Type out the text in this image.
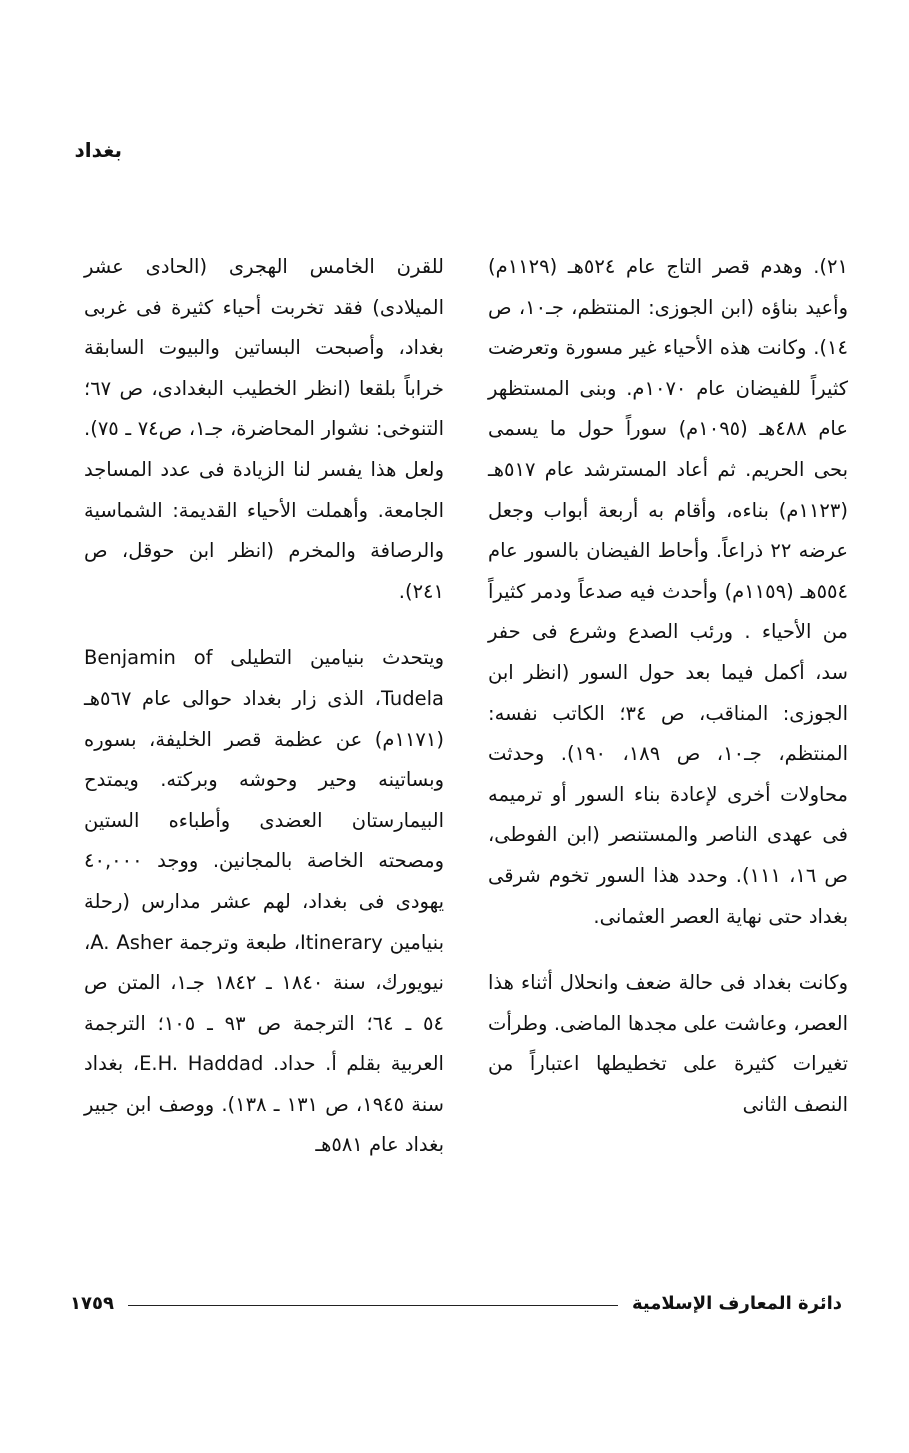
بغداد

٢١). وهدم قصر التاج عام ٥٢٤هـ (١١٢٩م) وأعيد بناؤه (ابن الجوزى: المنتظم، جـ١٠، ص ١٤). وكانت هذه الأحياء غير مسورة وتعرضت كثيراً للفيضان عام ١٠٧٠م. وبنى المستظهر عام ٤٨٨هـ (١٠٩٥م) سوراً حول ما يسمى بحى الحريم. ثم أعاد المسترشد عام ٥١٧هـ (١١٢٣م) بناءه، وأقام به أربعة أبواب وجعل عرضه ٢٢ ذراعاً. وأحاط الفيضان بالسور عام ٥٥٤هـ (١١٥٩م) وأحدث فيه صدعاً ودمر كثيراً من الأحياء . ورئب الصدع وشرع فى حفر سد، أكمل فيما بعد حول السور (انظر ابن الجوزى: المناقب، ص ٣٤؛ الكاتب نفسه: المنتظم، جـ١٠، ص ١٨٩، ١٩٠). وحدثت محاولات أخرى لإعادة بناء السور أو ترميمه فى عهدى الناصر والمستنصر (ابن الفوطى، ص ١٦، ١١١). وحدد هذا السور تخوم شرقى بغداد حتى نهاية العصر العثمانى.

وكانت بغداد فى حالة ضعف وانحلال أثناء هذا العصر، وعاشت على مجدها الماضى. وطرأت تغيرات كثيرة على تخطيطها اعتباراً من النصف الثانى

للقرن الخامس الهجرى (الحادى عشر الميلادى) فقد تخربت أحياء كثيرة فى غربى بغداد، وأصبحت البساتين والبيوت السابقة خراباً بلقعا (انظر الخطيب البغدادى، ص ٦٧؛ التنوخى: نشوار المحاضرة، جـ١، ص٧٤ ـ ٧٥). ولعل هذا يفسر لنا الزيادة فى عدد المساجد الجامعة. وأهملت الأحياء القديمة: الشماسية والرصافة والمخرم (انظر ابن حوقل، ص ٢٤١).

ويتحدث بنيامين التطيلى Benjamin of Tudela، الذى زار بغداد حوالى عام ٥٦٧هـ (١١٧١م) عن عظمة قصر الخليفة، بسوره وبساتينه وحير وحوشه وبركته. ويمتدح البيمارستان العضدى وأطباءه الستين ومصحته الخاصة بالمجانين. ووجد ٤٠,٠٠٠ يهودى فى بغداد، لهم عشر مدارس (رحلة بنيامين Itinerary، طبعة وترجمة A. Asher، نيويورك، سنة ١٨٤٠ ـ ١٨٤٢ جـ١، المتن ص ٥٤ ـ ٦٤؛ الترجمة ص ٩٣ ـ ١٠٥؛ الترجمة العربية بقلم أ. حداد. E.H. Haddad، بغداد سنة ١٩٤٥، ص ١٣١ ـ ١٣٨). ووصف ابن جبير بغداد عام ٥٨١هـ

١٧٥٩	دائرة المعارف الإسلامية
